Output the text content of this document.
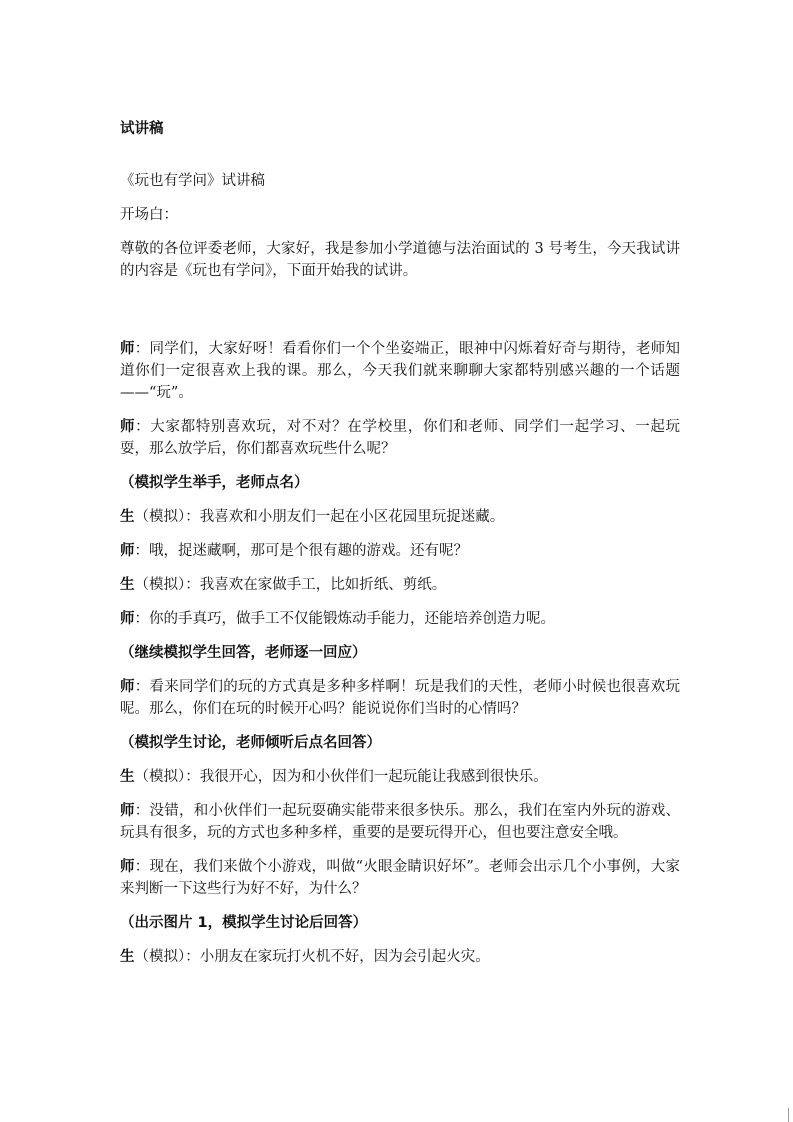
试讲稿

《玩也有学问》试讲稿

开场白：

尊敬的各位评委老师，大家好，我是参加小学道德与法治面试的 3 号考生，今天我试讲的内容是《玩也有学问》，下面开始我的试讲。

师：同学们，大家好呀！看看你们一个个坐姿端正，眼神中闪烁着好奇与期待，老师知道你们一定很喜欢上我的课。那么，今天我们就来聊聊大家都特别感兴趣的一个话题——“玩”。

师：大家都特别喜欢玩，对不对？在学校里，你们和老师、同学们一起学习、一起玩耍，那么放学后，你们都喜欢玩些什么呢？

（模拟学生举手，老师点名）

生（模拟）：我喜欢和小朋友们一起在小区花园里玩捉迷藏。

师：哦，捉迷藏啊，那可是个很有趣的游戏。还有呢？

生（模拟）：我喜欢在家做手工，比如折纸、剪纸。

师：你的手真巧，做手工不仅能锻炼动手能力，还能培养创造力呢。

（继续模拟学生回答，老师逐一回应）

师：看来同学们的玩的方式真是多种多样啊！玩是我们的天性，老师小时候也很喜欢玩呢。那么，你们在玩的时候开心吗？能说说你们当时的心情吗？

（模拟学生讨论，老师倾听后点名回答）

生（模拟）：我很开心，因为和小伙伴们一起玩能让我感到很快乐。

师：没错，和小伙伴们一起玩耍确实能带来很多快乐。那么，我们在室内外玩的游戏、玩具有很多，玩的方式也多种多样，重要的是要玩得开心，但也要注意安全哦。

师：现在，我们来做个小游戏，叫做“火眼金睛识好坏”。老师会出示几个小事例，大家来判断一下这些行为好不好，为什么？

（出示图片 1，模拟学生讨论后回答）

生（模拟）：小朋友在家玩打火机不好，因为会引起火灾。
